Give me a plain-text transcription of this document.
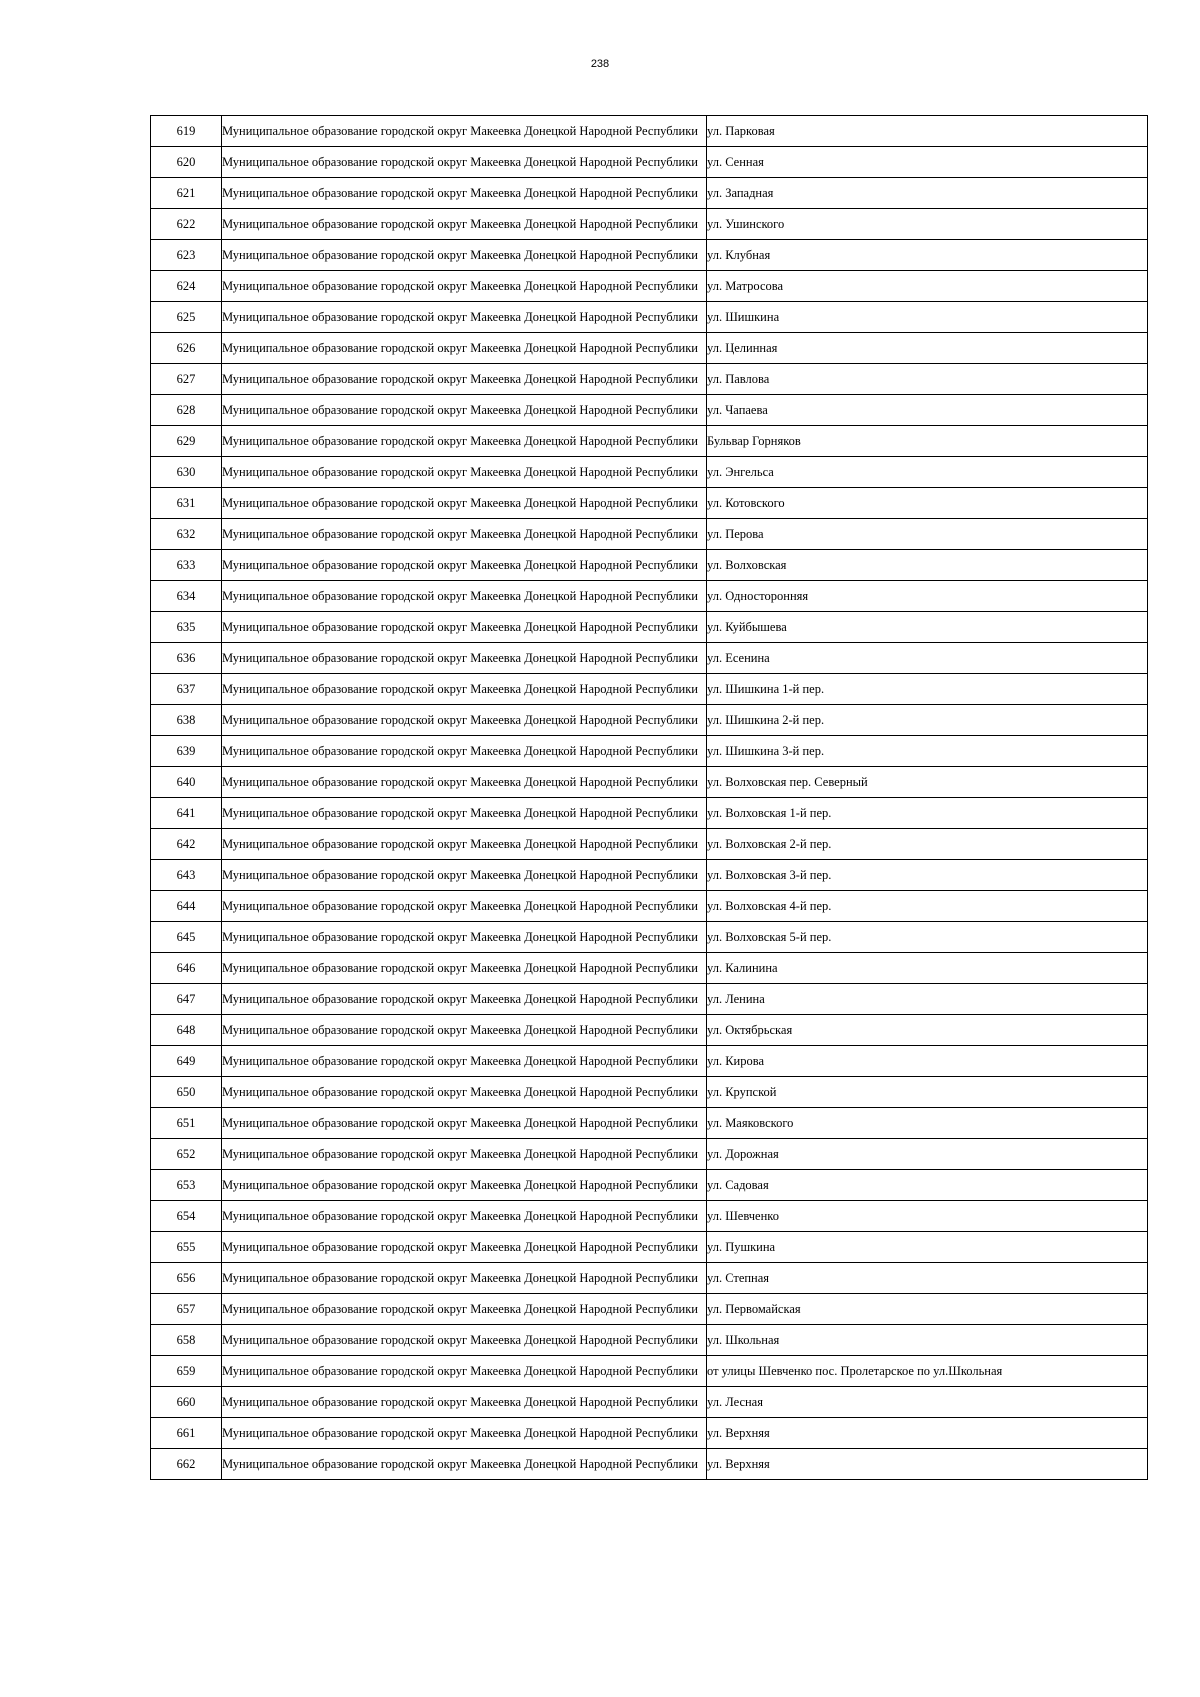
238
619	Муниципальное образование городской округ Макеевка Донецкой Народной Республики	ул. Парковая
620	Муниципальное образование городской округ Макеевка Донецкой Народной Республики	ул. Сенная
621	Муниципальное образование городской округ Макеевка Донецкой Народной Республики	ул. Западная
622	Муниципальное образование городской округ Макеевка Донецкой Народной Республики	ул. Ушинского
623	Муниципальное образование городской округ Макеевка Донецкой Народной Республики	ул. Клубная
624	Муниципальное образование городской округ Макеевка Донецкой Народной Республики	ул. Матросова
625	Муниципальное образование городской округ Макеевка Донецкой Народной Республики	ул. Шишкина
626	Муниципальное образование городской округ Макеевка Донецкой Народной Республики	ул. Целинная
627	Муниципальное образование городской округ Макеевка Донецкой Народной Республики	ул. Павлова
628	Муниципальное образование городской округ Макеевка Донецкой Народной Республики	ул. Чапаева
629	Муниципальное образование городской округ Макеевка Донецкой Народной Республики	Бульвар Горняков
630	Муниципальное образование городской округ Макеевка Донецкой Народной Республики	ул. Энгельса
631	Муниципальное образование городской округ Макеевка Донецкой Народной Республики	ул. Котовского
632	Муниципальное образование городской округ Макеевка Донецкой Народной Республики	ул. Перова
633	Муниципальное образование городской округ Макеевка Донецкой Народной Республики	ул. Волховская
634	Муниципальное образование городской округ Макеевка Донецкой Народной Республики	ул. Односторонняя
635	Муниципальное образование городской округ Макеевка Донецкой Народной Республики	ул. Куйбышева
636	Муниципальное образование городской округ Макеевка Донецкой Народной Республики	ул. Есенина
637	Муниципальное образование городской округ Макеевка Донецкой Народной Республики	ул. Шишкина 1-й пер.
638	Муниципальное образование городской округ Макеевка Донецкой Народной Республики	ул. Шишкина 2-й пер.
639	Муниципальное образование городской округ Макеевка Донецкой Народной Республики	ул. Шишкина 3-й пер.
640	Муниципальное образование городской округ Макеевка Донецкой Народной Республики	ул. Волховская пер. Северный
641	Муниципальное образование городской округ Макеевка Донецкой Народной Республики	ул. Волховская 1-й пер.
642	Муниципальное образование городской округ Макеевка Донецкой Народной Республики	ул. Волховская 2-й пер.
643	Муниципальное образование городской округ Макеевка Донецкой Народной Республики	ул. Волховская 3-й пер.
644	Муниципальное образование городской округ Макеевка Донецкой Народной Республики	ул. Волховская 4-й пер.
645	Муниципальное образование городской округ Макеевка Донецкой Народной Республики	ул. Волховская 5-й пер.
646	Муниципальное образование городской округ Макеевка Донецкой Народной Республики	ул. Калинина
647	Муниципальное образование городской округ Макеевка Донецкой Народной Республики	ул. Ленина
648	Муниципальное образование городской округ Макеевка Донецкой Народной Республики	ул. Октябрьская
649	Муниципальное образование городской округ Макеевка Донецкой Народной Республики	ул. Кирова
650	Муниципальное образование городской округ Макеевка Донецкой Народной Республики	ул. Крупской
651	Муниципальное образование городской округ Макеевка Донецкой Народной Республики	ул. Маяковского
652	Муниципальное образование городской округ Макеевка Донецкой Народной Республики	ул. Дорожная
653	Муниципальное образование городской округ Макеевка Донецкой Народной Республики	ул. Садовая
654	Муниципальное образование городской округ Макеевка Донецкой Народной Республики	ул. Шевченко
655	Муниципальное образование городской округ Макеевка Донецкой Народной Республики	ул. Пушкина
656	Муниципальное образование городской округ Макеевка Донецкой Народной Республики	ул. Степная
657	Муниципальное образование городской округ Макеевка Донецкой Народной Республики	ул. Первомайская
658	Муниципальное образование городской округ Макеевка Донецкой Народной Республики	ул. Школьная
659	Муниципальное образование городской округ Макеевка Донецкой Народной Республики	от улицы Шевченко пос. Пролетарское по ул.Школьная
660	Муниципальное образование городской округ Макеевка Донецкой Народной Республики	ул. Лесная
661	Муниципальное образование городской округ Макеевка Донецкой Народной Республики	ул. Верхняя
662	Муниципальное образование городской округ Макеевка Донецкой Народной Республики	ул. Верхняя
